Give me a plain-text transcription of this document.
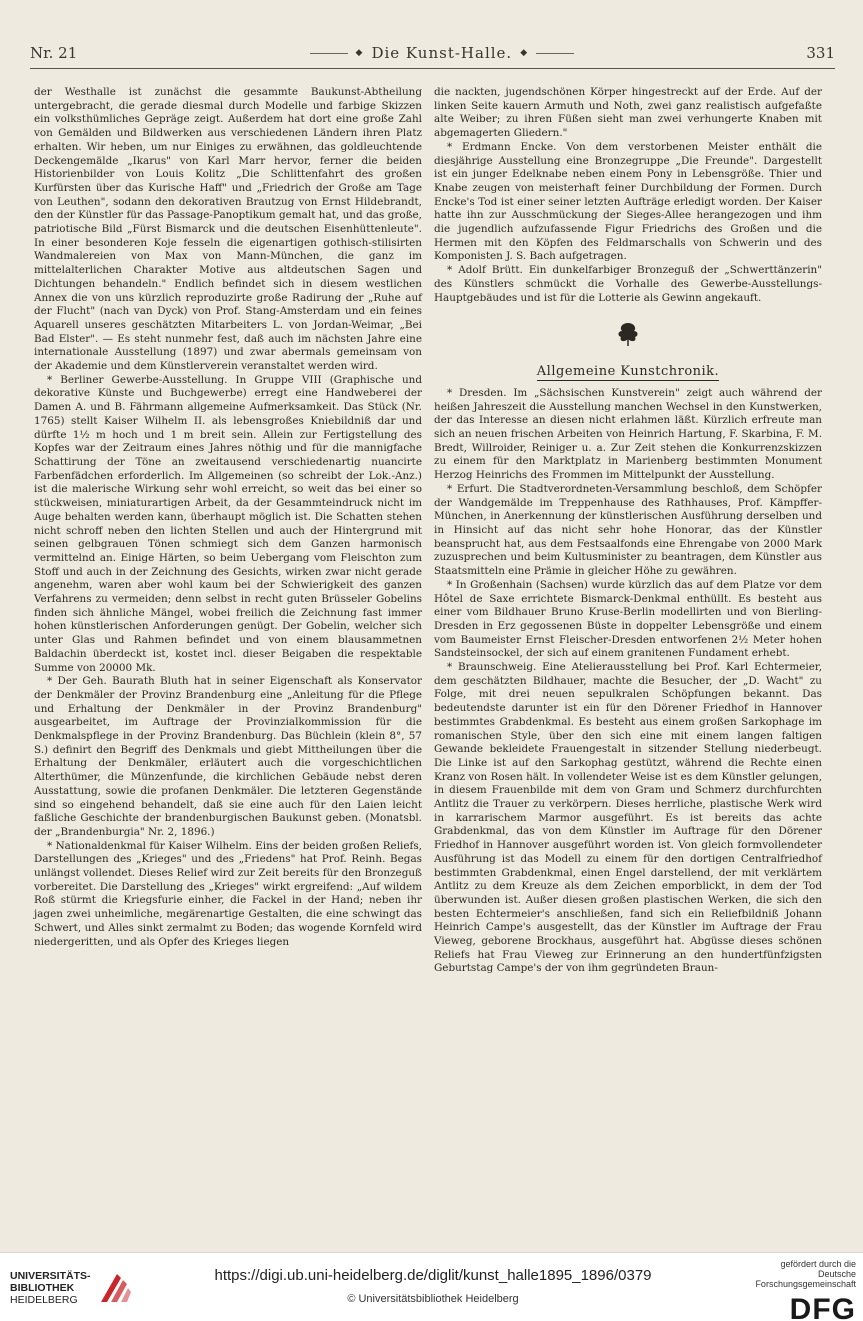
Nr. 21	◆ Die Kunst-Halle. ◆	331

der Westhalle ist zunächst die gesammte Baukunst-Abtheilung untergebracht, die gerade diesmal durch Modelle und farbige Skizzen ein volksthümliches Gepräge zeigt. Außerdem hat dort eine große Zahl von Gemälden und Bildwerken aus verschiedenen Ländern ihren Platz erhalten. Wir heben, um nur Einiges zu erwähnen, das goldleuchtende Deckengemälde „Ikarus" von Karl Marr hervor, ferner die beiden Historienbilder von Louis Kolitz „Die Schlittenfahrt des großen Kurfürsten über das Kurische Haff" und „Friedrich der Große am Tage von Leuthen", sodann den dekorativen Brautzug von Ernst Hildebrandt, den der Künstler für das Passage-Panoptikum gemalt hat, und das große, patriotische Bild „Fürst Bismarck und die deutschen Eisenhüttenleute". In einer besonderen Koje fesseln die eigenartigen gothisch-stilisirten Wandmalereien von Max von Mann-München, die ganz im mittelalterlichen Charakter Motive aus altdeutschen Sagen und Dichtungen behandeln." Endlich befindet sich in diesem westlichen Annex die von uns kürzlich reproduzirte große Radirung der „Ruhe auf der Flucht" (nach van Dyck) von Prof. Stang-Amsterdam und ein feines Aquarell unseres geschätzten Mitarbeiters L. von Jordan-Weimar, „Bei Bad Elster". — Es steht nunmehr fest, daß auch im nächsten Jahre eine internationale Ausstellung (1897) und zwar abermals gemeinsam von der Akademie und dem Künstlerverein veranstaltet werden wird.

* Berliner Gewerbe-Ausstellung. In Gruppe VIII (Graphische und dekorative Künste und Buchgewerbe) erregt eine Handweberei der Damen A. und B. Fährmann allgemeine Aufmerksamkeit. Das Stück (Nr. 1765) stellt Kaiser Wilhelm II. als lebensgroßes Kniebildniß dar und dürfte 1½ m hoch und 1 m breit sein. Allein zur Fertigstellung des Kopfes war der Zeitraum eines Jahres nöthig und für die mannigfache Schattirung der Töne an zweitausend verschiedenartig nuancirte Farbenfädchen erforderlich. Im Allgemeinen (so schreibt der Lok.-Anz.) ist die malerische Wirkung sehr wohl erreicht, so weit das bei einer so stückweisen, miniaturartigen Arbeit, da der Gesammteindruck nicht im Auge behalten werden kann, überhaupt möglich ist. Die Schatten stehen nicht schroff neben den lichten Stellen und auch der Hintergrund mit seinen gelbgrauen Tönen schmiegt sich dem Ganzen harmonisch vermittelnd an. Einige Härten, so beim Uebergang vom Fleischton zum Stoff und auch in der Zeichnung des Gesichts, wirken zwar nicht gerade angenehm, waren aber wohl kaum bei der Schwierigkeit des ganzen Verfahrens zu vermeiden; denn selbst in recht guten Brüsseler Gobelins finden sich ähnliche Mängel, wobei freilich die Zeichnung fast immer hohen künstlerischen Anforderungen genügt. Der Gobelin, welcher sich unter Glas und Rahmen befindet und von einem blausammetnen Baldachin überdeckt ist, kostet incl. dieser Beigaben die respektable Summe von 20000 Mk.

* Der Geh. Baurath Bluth hat in seiner Eigenschaft als Konservator der Denkmäler der Provinz Brandenburg eine „Anleitung für die Pflege und Erhaltung der Denkmäler in der Provinz Brandenburg" ausgearbeitet, im Auftrage der Provinzialkommission für die Denkmalspflege in der Provinz Brandenburg. Das Büchlein (klein 8°, 57 S.) definirt den Begriff des Denkmals und giebt Mittheilungen über die Erhaltung der Denkmäler, erläutert auch die vorgeschichtlichen Alterthümer, die Münzenfunde, die kirchlichen Gebäude nebst deren Ausstattung, sowie die profanen Denkmäler. Die letzteren Gegenstände sind so eingehend behandelt, daß sie eine auch für den Laien leicht faßliche Geschichte der brandenburgischen Baukunst geben. (Monatsbl. der „Brandenburgia" Nr. 2, 1896.)

* Nationaldenkmal für Kaiser Wilhelm. Eins der beiden großen Reliefs, Darstellungen des „Krieges" und des „Friedens" hat Prof. Reinh. Begas unlängst vollendet. Dieses Relief wird zur Zeit bereits für den Bronzeguß vorbereitet. Die Darstellung des „Krieges" wirkt ergreifend: „Auf wildem Roß stürmt die Kriegsfurie einher, die Fackel in der Hand; neben ihr jagen zwei unheimliche, megärenartige Gestalten, die eine schwingt das Schwert, und Alles sinkt zermalmt zu Boden; das wogende Kornfeld wird niedergeritten, und als Opfer des Krieges liegen

die nackten, jugendschönen Körper hingestreckt auf der Erde. Auf der linken Seite kauern Armuth und Noth, zwei ganz realistisch aufgefaßte alte Weiber; zu ihren Füßen sieht man zwei verhungerte Knaben mit abgemagerten Gliedern."

* Erdmann Encke. Von dem verstorbenen Meister enthält die diesjährige Ausstellung eine Bronzegruppe „Die Freunde". Dargestellt ist ein junger Edelknabe neben einem Pony in Lebensgröße. Thier und Knabe zeugen von meisterhaft feiner Durchbildung der Formen. Durch Encke's Tod ist einer seiner letzten Aufträge erledigt worden. Der Kaiser hatte ihn zur Ausschmückung der Sieges-Allee herangezogen und ihm die jugendlich aufzufassende Figur Friedrichs des Großen und die Hermen mit den Köpfen des Feldmarschalls von Schwerin und des Komponisten J. S. Bach aufgetragen.

* Adolf Brütt. Ein dunkelfarbiger Bronzeguß der „Schwerttänzerin" des Künstlers schmückt die Vorhalle des Gewerbe-Ausstellungs-Hauptgebäudes und ist für die Lotterie als Gewinn angekauft.

Allgemeine Kunstchronik.

* Dresden. Im „Sächsischen Kunstverein" zeigt auch während der heißen Jahreszeit die Ausstellung manchen Wechsel in den Kunstwerken, der das Interesse an diesen nicht erlahmen läßt. Kürzlich erfreute man sich an neuen frischen Arbeiten von Heinrich Hartung, F. Skarbina, F. M. Bredt, Willroider, Reiniger u. a. Zur Zeit stehen die Konkurrenzskizzen zu einem für den Marktplatz in Marienberg bestimmten Monument Herzog Heinrichs des Frommen im Mittelpunkt der Ausstellung.

* Erfurt. Die Stadtverordneten-Versammlung beschloß, dem Schöpfer der Wandgemälde im Treppenhause des Rathhauses, Prof. Kämpffer-München, in Anerkennung der künstlerischen Ausführung derselben und in Hinsicht auf das nicht sehr hohe Honorar, das der Künstler beansprucht hat, aus dem Festsaalfonds eine Ehrengabe von 2000 Mark zuzusprechen und beim Kultusminister zu beantragen, dem Künstler aus Staatsmitteln eine Prämie in gleicher Höhe zu gewähren.

* In Großenhain (Sachsen) wurde kürzlich das auf dem Platze vor dem Hôtel de Saxe errichtete Bismarck-Denkmal enthüllt. Es besteht aus einer vom Bildhauer Bruno Kruse-Berlin modellirten und von Bierling-Dresden in Erz gegossenen Büste in doppelter Lebensgröße und einem vom Baumeister Ernst Fleischer-Dresden entworfenen 2½ Meter hohen Sandsteinsockel, der sich auf einem granitenen Fundament erhebt.

* Braunschweig. Eine Atelierausstellung bei Prof. Karl Echtermeier, dem geschätzten Bildhauer, machte die Besucher, der „D. Wacht" zu Folge, mit drei neuen sepulkralen Schöpfungen bekannt. Das bedeutendste darunter ist ein für den Dörener Friedhof in Hannover bestimmtes Grabdenkmal. Es besteht aus einem großen Sarkophage im romanischen Style, über den sich eine mit einem langen faltigen Gewande bekleidete Frauengestalt in sitzender Stellung niederbeugt. Die Linke ist auf den Sarkophag gestützt, während die Rechte einen Kranz von Rosen hält. In vollendeter Weise ist es dem Künstler gelungen, in diesem Frauenbilde mit dem von Gram und Schmerz durchfurchten Antlitz die Trauer zu verkörpern. Dieses herrliche, plastische Werk wird in karrarischem Marmor ausgeführt. Es ist bereits das achte Grabdenkmal, das von dem Künstler im Auftrage für den Dörener Friedhof in Hannover ausgeführt worden ist. Von gleich formvollendeter Ausführung ist das Modell zu einem für den dortigen Centralfriedhof bestimmten Grabdenkmal, einen Engel darstellend, der mit verklärtem Antlitz zu dem Kreuze als dem Zeichen emporblickt, in dem der Tod überwunden ist. Außer diesen großen plastischen Werken, die sich den besten Echtermeier's anschließen, fand sich ein Reliefbildniß Johann Heinrich Campe's ausgestellt, das der Künstler im Auftrage der Frau Vieweg, geborene Brockhaus, ausgeführt hat. Abgüsse dieses schönen Reliefs hat Frau Vieweg zur Erinnerung an den hundertfünfzigsten Geburtstag Campe's der von ihm gegründeten Braun-

UNIVERSITÄTS-
BIBLIOTHEK
HEIDELBERG
https://digi.ub.uni-heidelberg.de/diglit/kunst_halle1895_1896/0379
© Universitätsbibliothek Heidelberg
gefördert durch die
Deutsche
Forschungsgemeinschaft
DFG
